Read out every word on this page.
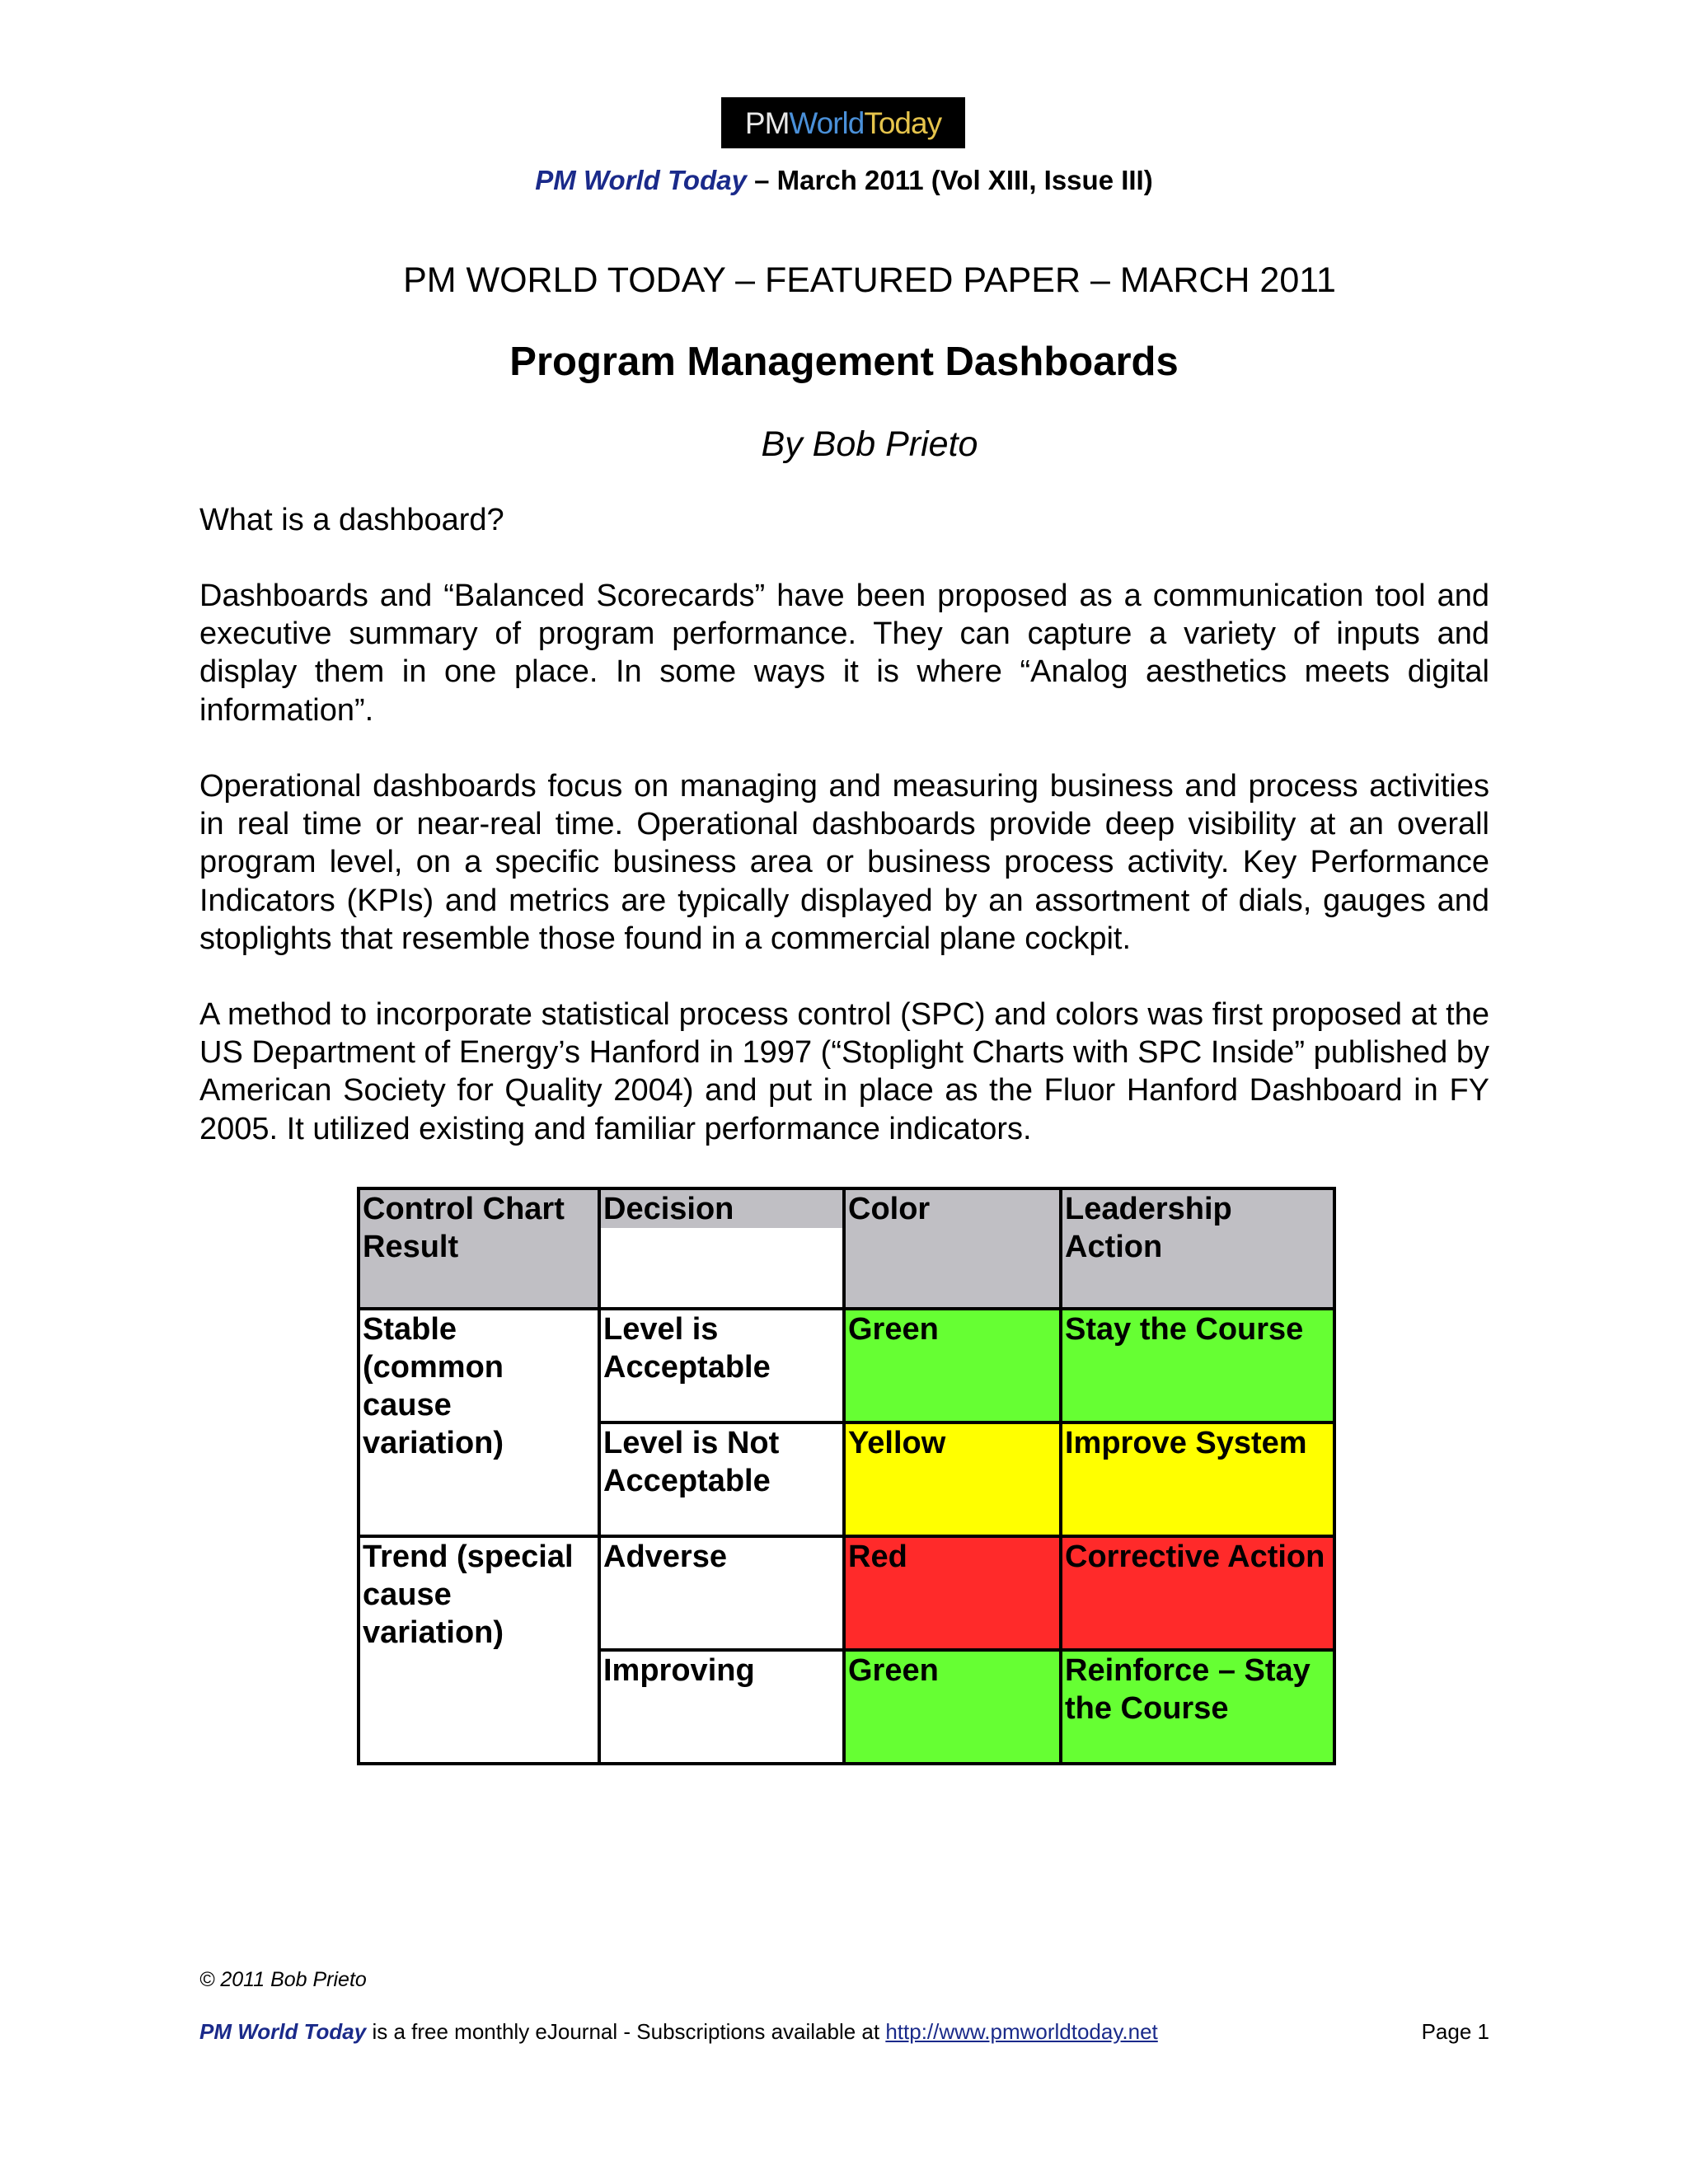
PM World Today
PM World Today – March 2011 (Vol XIII, Issue III)
PM WORLD TODAY – FEATURED PAPER – MARCH 2011
Program Management Dashboards
By Bob Prieto
What is a dashboard?
Dashboards and “Balanced Scorecards” have been proposed as a communication tool and executive summary of program performance. They can capture a variety of inputs and display them in one place. In some ways it is where “Analog aesthetics meets digital information”.
Operational dashboards focus on managing and measuring business and process activities in real time or near-real time. Operational dashboards provide deep visibility at an overall program level, on a specific business area or business process activity. Key Performance Indicators (KPIs) and metrics are typically displayed by an assortment of dials, gauges and stoplights that resemble those found in a commercial plane cockpit.
A method to incorporate statistical process control (SPC) and colors was first proposed at the US Department of Energy’s Hanford in 1997 (“Stoplight Charts with SPC Inside” published by American Society for Quality 2004) and put in place as the Fluor Hanford Dashboard in FY 2005. It utilized existing and familiar performance indicators.
Control Chart Result	Decision	Color	Leadership Action
Stable (common cause variation)	Level is Acceptable	Green	Stay the Course
	Level is Not Acceptable	Yellow	Improve System
Trend (special cause variation)	Adverse	Red	Corrective Action
	Improving	Green	Reinforce – Stay the Course
© 2011 Bob Prieto
PM World Today is a free monthly eJournal - Subscriptions available at http://www.pmworldtoday.net	Page 1
